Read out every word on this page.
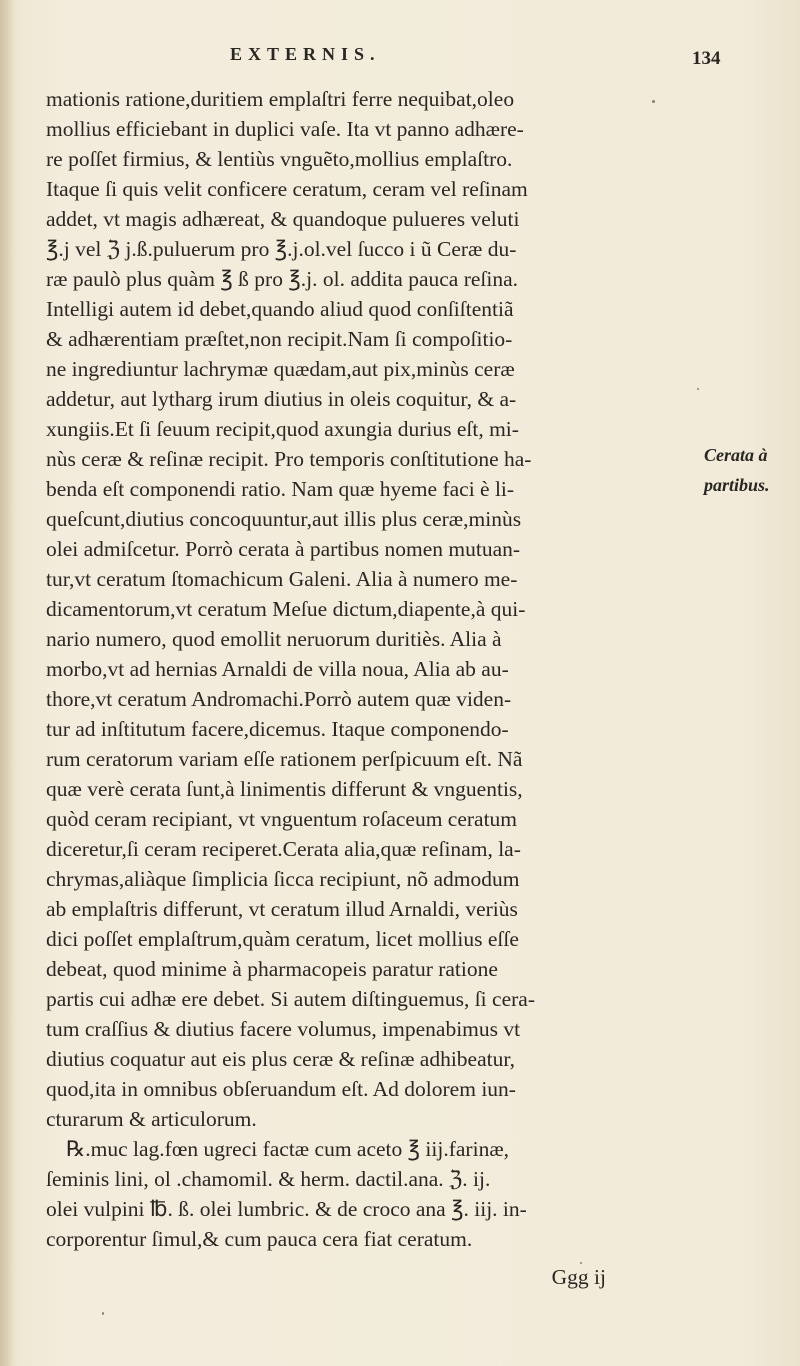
EXTERNIS.	134
mationis ratione,duritiem emplaſtri ferre nequibat,oleo
mollius efficiebant in duplici vaſe. Ita vt panno adhære-
re poſſet firmius, & lentiùs vnguẽto,mollius emplaſtro.
Itaque ſi quis velit conficere ceratum, ceram vel reſinam
addet, vt magis adhæreat, & quandoque pulueres veluti
℥.j vel ℨ j.ß.puluerum pro ℥.j.ol.vel ſucco i ũ Ceræ du-
ræ paulò plus quàm ℥ ß pro ℥.j. ol. addita pauca reſina.
Intelligi autem id debet,quando aliud quod conſiſtentiã
& adhærentiam præſtet,non recipit.Nam ſi compoſitio-
ne ingrediuntur lachrymæ quædam,aut pix,minùs ceræ
addetur, aut lytharg irum diutius in oleis coquitur, & a-
xungiis.Et ſi ſeuum recipit,quod axungia durius eſt, mi-
nùs ceræ & reſinæ recipit. Pro temporis conſtitutione ha-
benda eſt componendi ratio. Nam quæ hyeme faci è li-
queſcunt,diutius concoquuntur,aut illis plus ceræ,minùs
olei admiſcetur. Porrò cerata à partibus nomen mutuan-
tur,vt ceratum ſtomachicum Galeni. Alia à numero me-
dicamentorum,vt ceratum Meſue dictum,diapente,à qui-
nario numero, quod emollit neruorum duritiès. Alia à
morbo,vt ad hernias Arnaldi de villa noua, Alia ab au-
thore,vt ceratum Andromachi.Porrò autem quæ viden-
tur ad inſtitutum facere,dicemus. Itaque componendo-
rum ceratorum variam eſſe rationem perſpicuum eſt. Nã
quæ verè cerata ſunt,à linimentis differunt & vnguentis,
quòd ceram recipiant, vt vnguentum roſaceum ceratum
diceretur,ſi ceram reciperet.Cerata alia,quæ reſinam, la-
chrymas,aliàque ſimplicia ſicca recipiunt, nõ admodum
ab emplaſtris differunt, vt ceratum illud Arnaldi, veriùs
dici poſſet emplaſtrum,quàm ceratum, licet mollius eſſe
debeat, quod minime à pharmacopeis paratur ratione
partis cui adhæ ere debet. Si autem diſtinguemus, ſi cera-
tum craſſius & diutius facere volumus, impenabimus vt
diutius coquatur aut eis plus ceræ & reſinæ adhibeatur,
quod,ita in omnibus obſeruandum eſt. Ad dolorem iun-
cturarum & articulorum.
℞.muc lag.fœn ugreci factæ cum aceto ℥ iij.farinæ,
ſeminis lini, ol .chamomil. & herm. dactil.ana. ℨ. ij.
olei vulpini ℔. ß. olei lumbric. & de croco ana ℥. iij. in-
corporentur ſimul,& cum pauca cera fiat ceratum.
Ggg ij
Cerata à
partibus.
